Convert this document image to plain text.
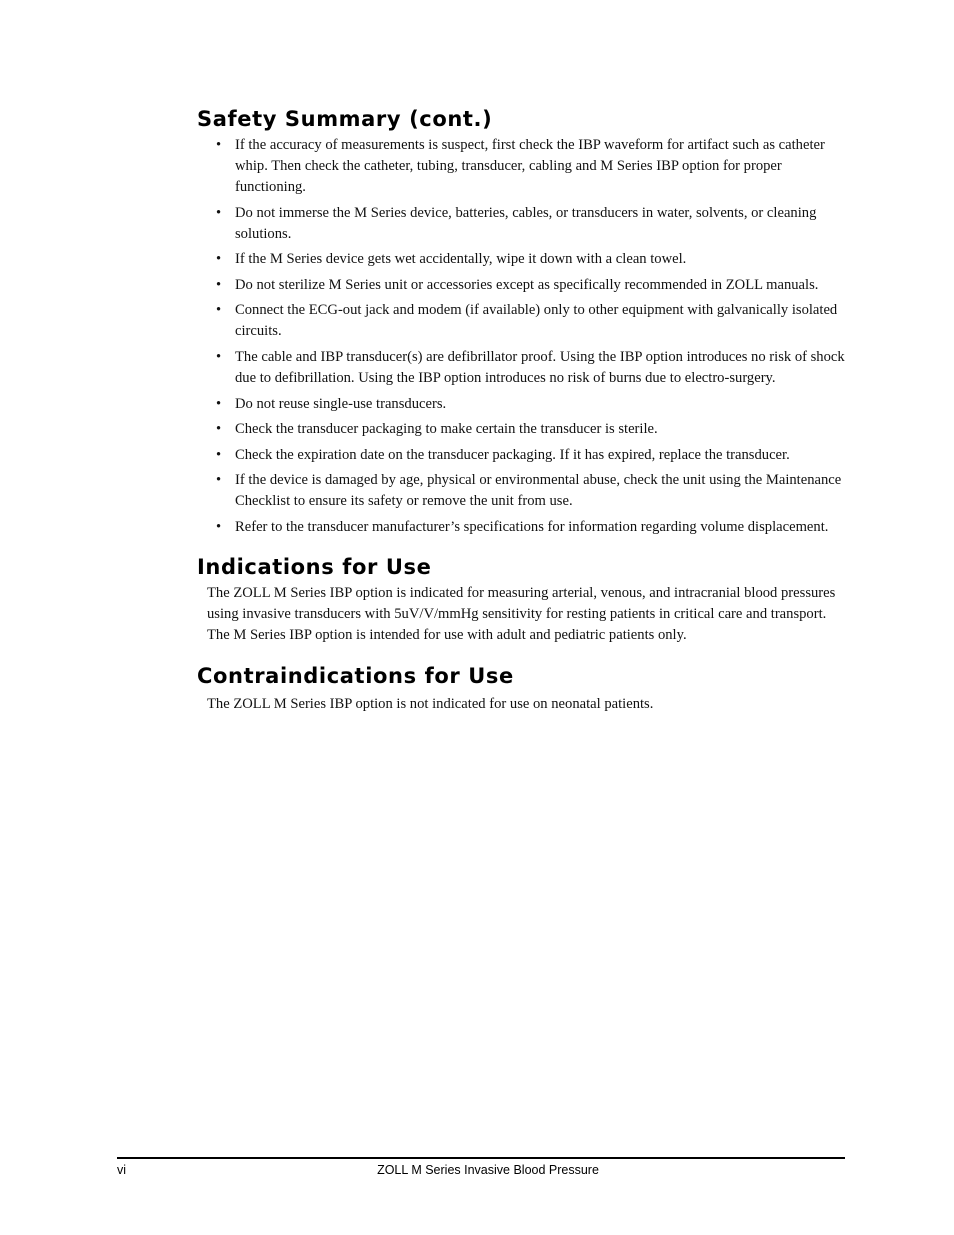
Safety Summary (cont.)
• If the accuracy of measurements is suspect, first check the IBP waveform for artifact such as catheter whip. Then check the catheter, tubing, transducer, cabling and M Series IBP option for proper functioning.
• Do not immerse the M Series device, batteries, cables, or transducers in water, solvents, or cleaning solutions.
• If the M Series device gets wet accidentally, wipe it down with a clean towel.
• Do not sterilize M Series unit or accessories except as specifically recommended in ZOLL manuals.
• Connect the ECG-out jack and modem (if available) only to other equipment with galvanically isolated circuits.
• The cable and IBP transducer(s) are defibrillator proof. Using the IBP option introduces no risk of shock due to defibrillation. Using the IBP option introduces no risk of burns due to electro-surgery.
• Do not reuse single-use transducers.
• Check the transducer packaging to make certain the transducer is sterile.
• Check the expiration date on the transducer packaging. If it has expired, replace the transducer.
• If the device is damaged by age, physical or environmental abuse, check the unit using the Maintenance Checklist to ensure its safety or remove the unit from use.
• Refer to the transducer manufacturer’s specifications for information regarding volume displacement.
Indications for Use

The ZOLL M Series IBP option is indicated for measuring arterial, venous, and intracranial blood pressures using invasive transducers with 5uV/V/mmHg sensitivity for resting patients in critical care and transport. The M Series IBP option is intended for use with adult and pediatric patients only.

Contraindications for Use

The ZOLL M Series IBP option is not indicated for use on neonatal patients.

vi	ZOLL M Series Invasive Blood Pressure
